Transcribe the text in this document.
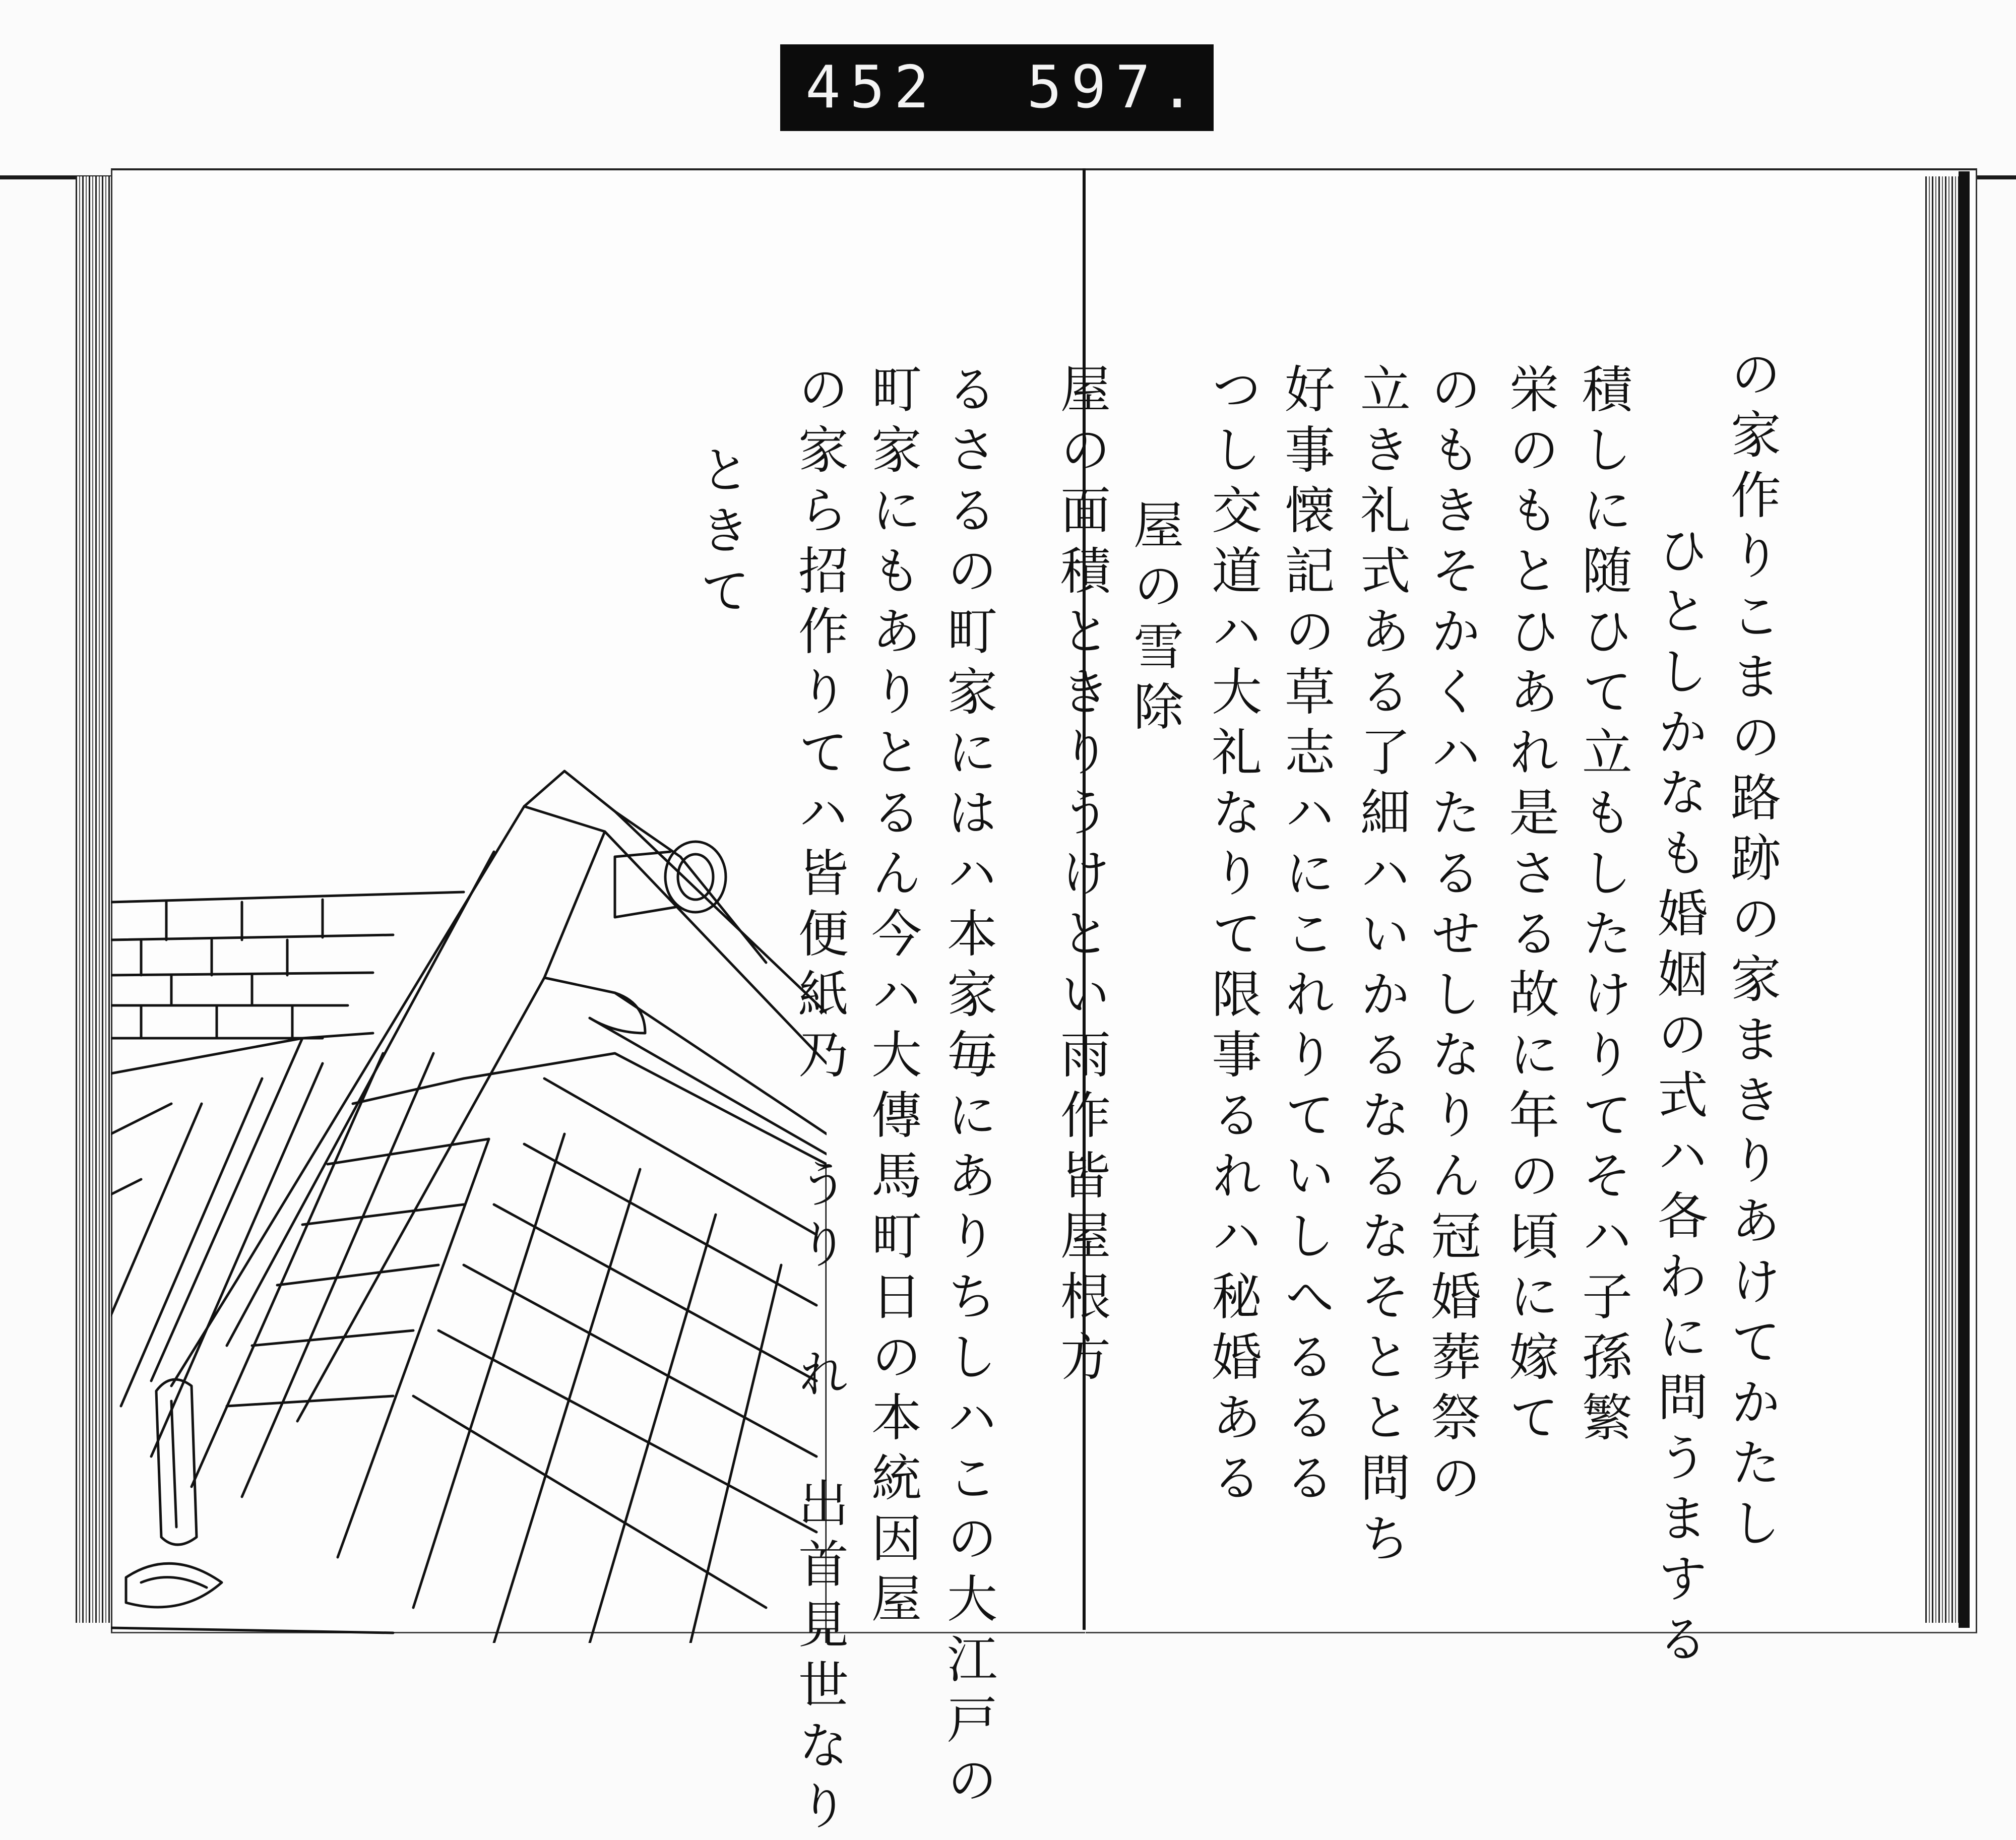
452  597.
の家作りこまの路跡の家まきりあけてかたし
ひとしかなも婚姻の式ハ各わに問うまする
積しに随ひて立もしたけりてそハ子孫繁
栄のもとひあれ是さる故に年の頃に嫁て
のもきそかくハたるせしなりん冠婚葬祭の
立き礼式ある了細ハいかるなるなそとと問ち
好事懐記の草志ハにこれりていしへるるる
つし交道ハ大礼なりて限事るれハ秘婚ある
屋の雪除
屋の面積ときりうけとい雨作皆屋根方
るさるの町家にはハ本家毎にありちしハこの大江戸の
町家にもありとるん今ハ大傳馬町日の本統因屋
の家ら招作りてハ皆便紙乃 うり れ 出首見世なり
ときて
